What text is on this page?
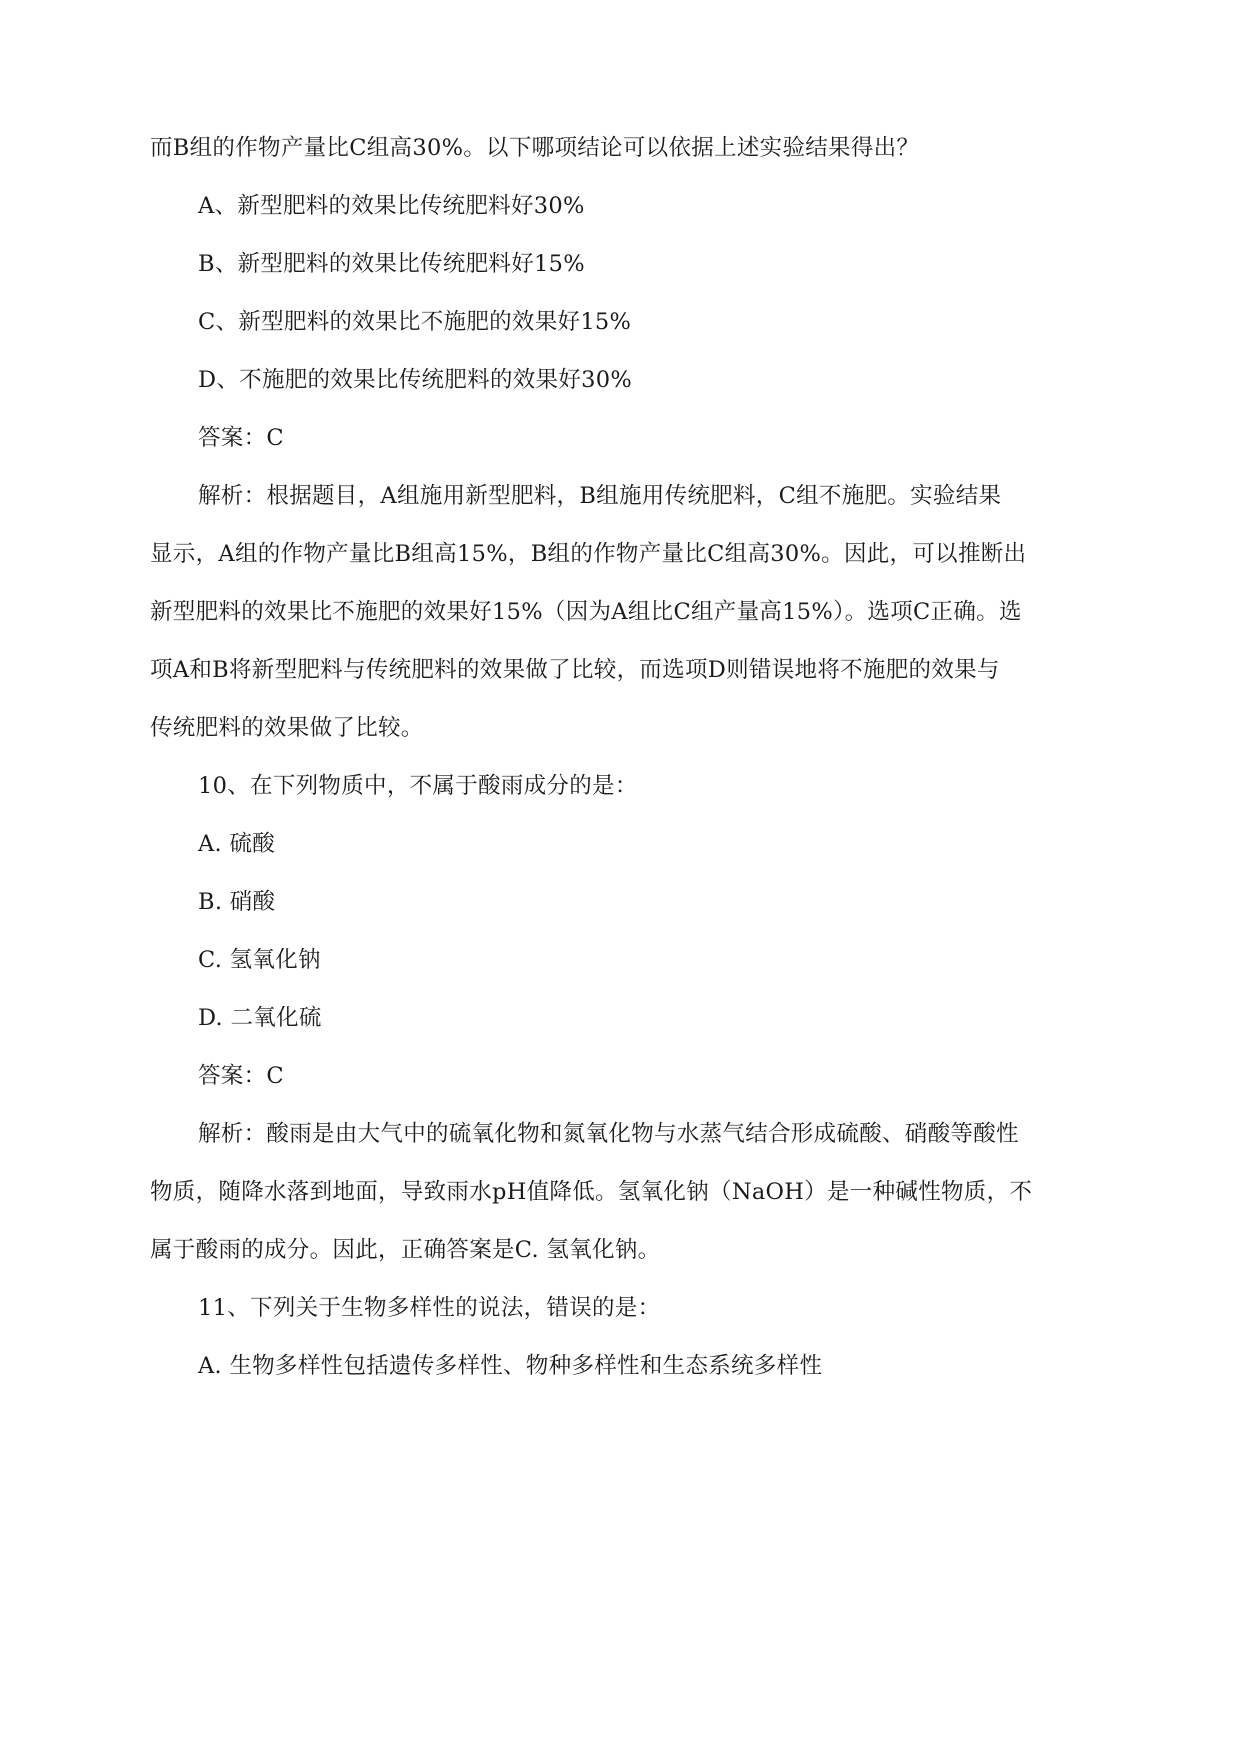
而B组的作物产量比C组高30%。以下哪项结论可以依据上述实验结果得出？
A、新型肥料的效果比传统肥料好30%
B、新型肥料的效果比传统肥料好15%
C、新型肥料的效果比不施肥的效果好15%
D、不施肥的效果比传统肥料的效果好30%
答案：C
解析：根据题目，A组施用新型肥料，B组施用传统肥料，C组不施肥。实验结果
显示，A组的作物产量比B组高15%，B组的作物产量比C组高30%。因此，可以推断出
新型肥料的效果比不施肥的效果好15%（因为A组比C组产量高15%）。选项C正确。选
项A和B将新型肥料与传统肥料的效果做了比较，而选项D则错误地将不施肥的效果与
传统肥料的效果做了比较。
10、在下列物质中，不属于酸雨成分的是：
A. 硫酸
B. 硝酸
C. 氢氧化钠
D. 二氧化硫
答案：C
解析：酸雨是由大气中的硫氧化物和氮氧化物与水蒸气结合形成硫酸、硝酸等酸性
物质，随降水落到地面，导致雨水pH值降低。氢氧化钠（NaOH）是一种碱性物质，不
属于酸雨的成分。因此，正确答案是C. 氢氧化钠。
11、下列关于生物多样性的说法，错误的是：
A. 生物多样性包括遗传多样性、物种多样性和生态系统多样性
